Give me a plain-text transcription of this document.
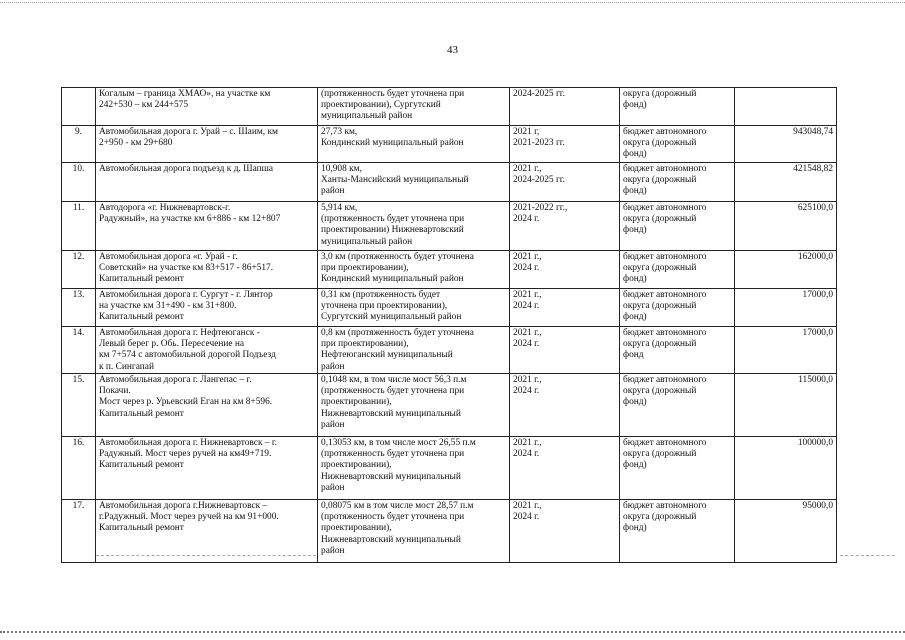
43

	Когалым – граница ХМАО», на участке км
242+530 – км 244+575	(протяженность будет уточнена при
проектировании), Сургутский
муниципальный район	2024-2025 гг.	округа (дорожный
фонд)	

9.	Автомобильная дорога г. Урай – с. Шаим, км
2+950 - км 29+680	27,73 км,
Кондинский муниципальный район	2021 г,
2021-2023 гг.	бюджет автономного
округа (дорожный
фонд)	943048,74
10.	Автомобильная дорога подъезд к д. Шапша	10,908 км,
Ханты-Мансийский муниципальный
район	2021 г.,
2024-2025 гг.	бюджет автономного
округа (дорожный
фонд)	421548,82
11.	Автодорога «г. Нижневартовск-г.
Радужный», на участке км 6+886 - км 12+807	5,914 км,
(протяженность будет уточнена при
проектировании) Нижневартовский
муниципальный район	2021-2022 гг.,
2024 г.	бюджет автономного
округа (дорожный
фонд)	625100,0
12.	Автомобильная дорога «г. Урай - г.
Советский» на участке км 83+517 - 86+517.
Капитальный ремонт	3,0 км (протяженность будет уточнена
при проектировании),
Кондинский муниципальный район	2021 г.,
2024 г.	бюджет автономного
округа (дорожный
фонд)	162000,0
13.	Автомобильная дорога г. Сургут - г. Лянтор
на участке км 31+490 - км 31+800.
Капитальный ремонт	0,31 км (протяженность будет
уточнена при проектировании),
Сургутский муниципальный район	2021 г.,
2024 г.	бюджет автономного
округа (дорожный
фонд)	17000,0
14.	Автомобильная дорога г. Нефтеюганск -
Левый берег р. Обь. Пересечение на
км 7+574 с автомобильной дорогой Подъезд
к п. Сингапай	0,8 км (протяженность будет уточнена
при проектировании),
Нефтеюганский муниципальный
район	2021 г.,
2024 г.	бюджет автономного
округа (дорожный
фонд	17000,0
15.	Автомобильная дорога г. Лангепас – г.
Покачи.
Мост через р. Урьевский Еган на км 8+596.
Капитальный ремонт	0,1048 км, в том числе мост 56,3 п.м
(протяженность будет уточнена при
проектировании),
Нижневартовский муниципальный
район	2021 г.,
2024 г.	бюджет автономного
округа (дорожный
фонд)	115000,0
16.	Автомобильная дорога г. Нижневартовск – г.
Радужный. Мост через ручей на км49+719.
Капитальный ремонт	0,13053 км, в том числе мост 26,55 п.м
(протяженность будет уточнена при
проектировании),
Нижневартовский муниципальный
район	2021 г.,
2024 г.	бюджет автономного
округа (дорожный
фонд)	100000,0
17.	Автомобильная дорога г.Нижневартовск –
г.Радужный. Мост через ручей на км 91+000.
Капитальный ремонт	0,08075 км в том числе мост 28,57 п.м
(протяженность будет уточнена при
проектировании),
Нижневартовский муниципальный
район	2021 г.,
2024 г.	бюджет автономного
округа (дорожный
фонд)	95000,0
